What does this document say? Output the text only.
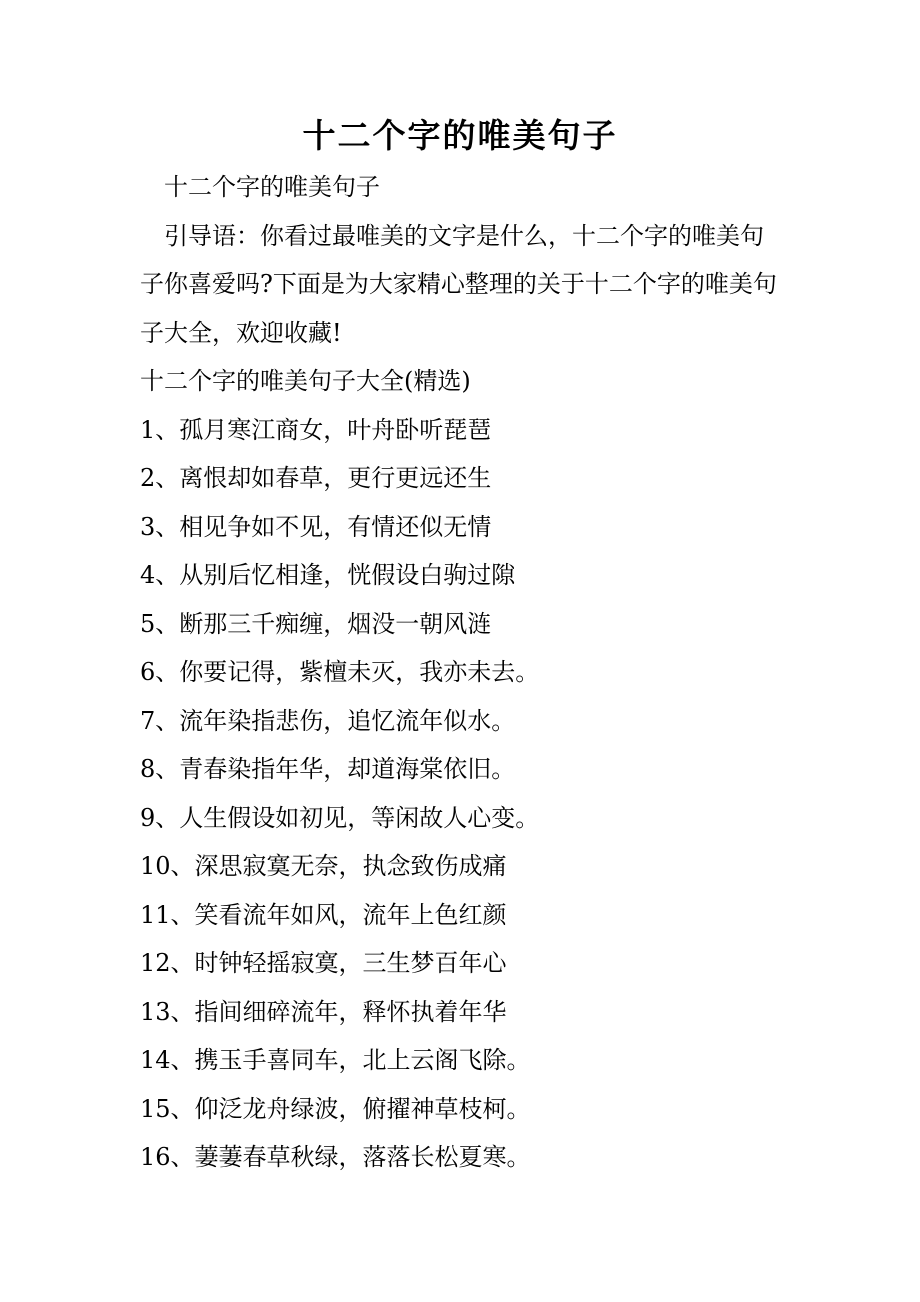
十二个字的唯美句子

十二个字的唯美句子

引导语：你看过最唯美的文字是什么，十二个字的唯美句子你喜爱吗?下面是为大家精心整理的关于十二个字的唯美句子大全，欢迎收藏!

十二个字的唯美句子大全(精选)

1、孤月寒江商女，叶舟卧听琵琶

2、离恨却如春草，更行更远还生

3、相见争如不见，有情还似无情

4、从别后忆相逢，恍假设白驹过隙

5、断那三千痴缠，烟没一朝风涟

6、你要记得，紫檀未灭，我亦未去。

7、流年染指悲伤，追忆流年似水。

8、青春染指年华，却道海棠依旧。

9、人生假设如初见，等闲故人心变。

10、深思寂寞无奈，执念致伤成痛

11、笑看流年如风，流年上色红颜

12、时钟轻摇寂寞，三生梦百年心

13、指间细碎流年，释怀执着年华

14、携玉手喜同车，北上云阁飞除。

15、仰泛龙舟绿波，俯擢神草枝柯。

16、萋萋春草秋绿，落落长松夏寒。
